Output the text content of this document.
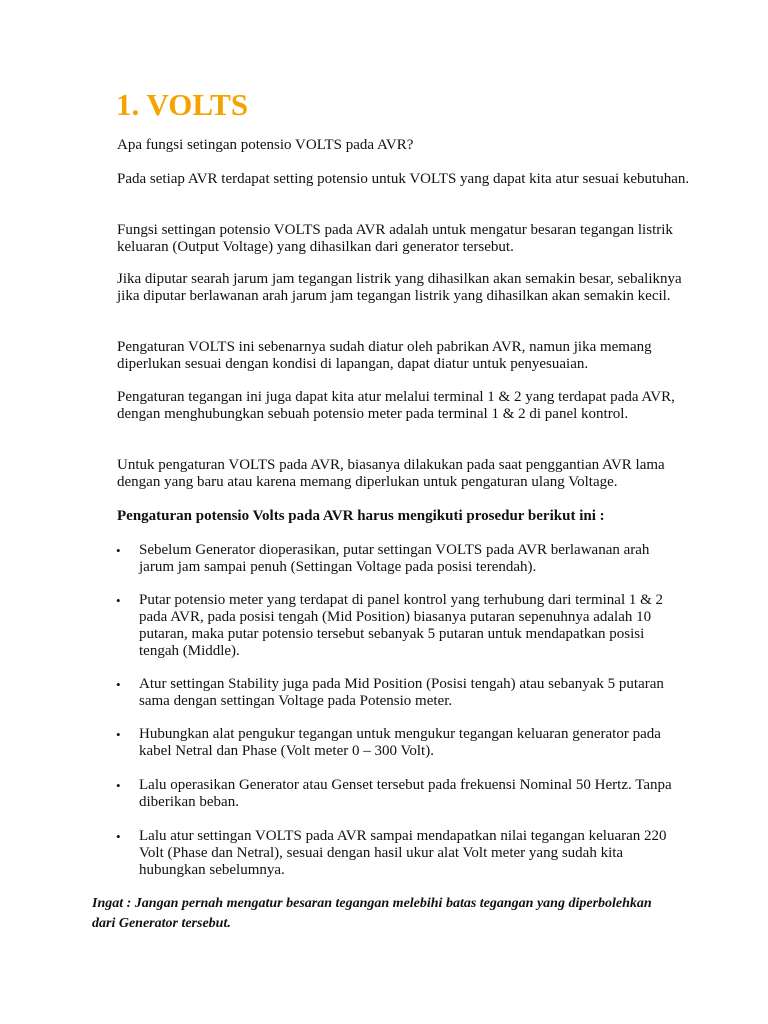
1. VOLTS

Apa fungsi setingan potensio VOLTS pada AVR?

Pada setiap AVR terdapat setting potensio untuk VOLTS yang dapat kita atur sesuai kebutuhan.

Fungsi settingan potensio VOLTS pada AVR adalah untuk mengatur besaran tegangan listrik keluaran (Output Voltage) yang dihasilkan dari generator tersebut.

Jika diputar searah jarum jam tegangan listrik yang dihasilkan akan semakin besar, sebaliknya jika diputar berlawanan arah jarum jam tegangan listrik yang dihasilkan akan semakin kecil.

Pengaturan VOLTS ini sebenarnya sudah diatur oleh pabrikan AVR, namun jika memang diperlukan sesuai dengan kondisi di lapangan, dapat diatur untuk penyesuaian.

Pengaturan tegangan ini juga dapat kita atur melalui terminal 1 & 2 yang terdapat pada AVR, dengan menghubungkan sebuah potensio meter pada terminal 1 & 2 di panel kontrol.

Untuk pengaturan VOLTS pada AVR, biasanya dilakukan pada saat penggantian AVR lama dengan yang baru atau karena memang diperlukan untuk pengaturan ulang Voltage.

Pengaturan potensio Volts pada AVR harus mengikuti prosedur berikut ini :

• Sebelum Generator dioperasikan, putar settingan VOLTS pada AVR berlawanan arah jarum jam sampai penuh (Settingan Voltage pada posisi terendah).

• Putar potensio meter yang terdapat di panel kontrol yang terhubung dari terminal 1 & 2 pada AVR, pada posisi tengah (Mid Position) biasanya putaran sepenuhnya adalah 10 putaran, maka putar potensio tersebut sebanyak 5 putaran untuk mendapatkan posisi tengah (Middle).

• Atur settingan Stability juga pada Mid Position (Posisi tengah) atau sebanyak 5 putaran sama dengan settingan Voltage pada Potensio meter.

• Hubungkan alat pengukur tegangan untuk mengukur tegangan keluaran generator pada kabel Netral dan Phase (Volt meter 0 – 300 Volt).

• Lalu operasikan Generator atau Genset tersebut pada frekuensi Nominal 50 Hertz. Tanpa diberikan beban.

• Lalu atur settingan VOLTS pada AVR sampai mendapatkan nilai tegangan keluaran 220 Volt (Phase dan Netral), sesuai dengan hasil ukur alat Volt meter yang sudah kita hubungkan sebelumnya.

Ingat : Jangan pernah mengatur besaran tegangan melebihi batas tegangan yang diperbolehkan dari Generator tersebut.
